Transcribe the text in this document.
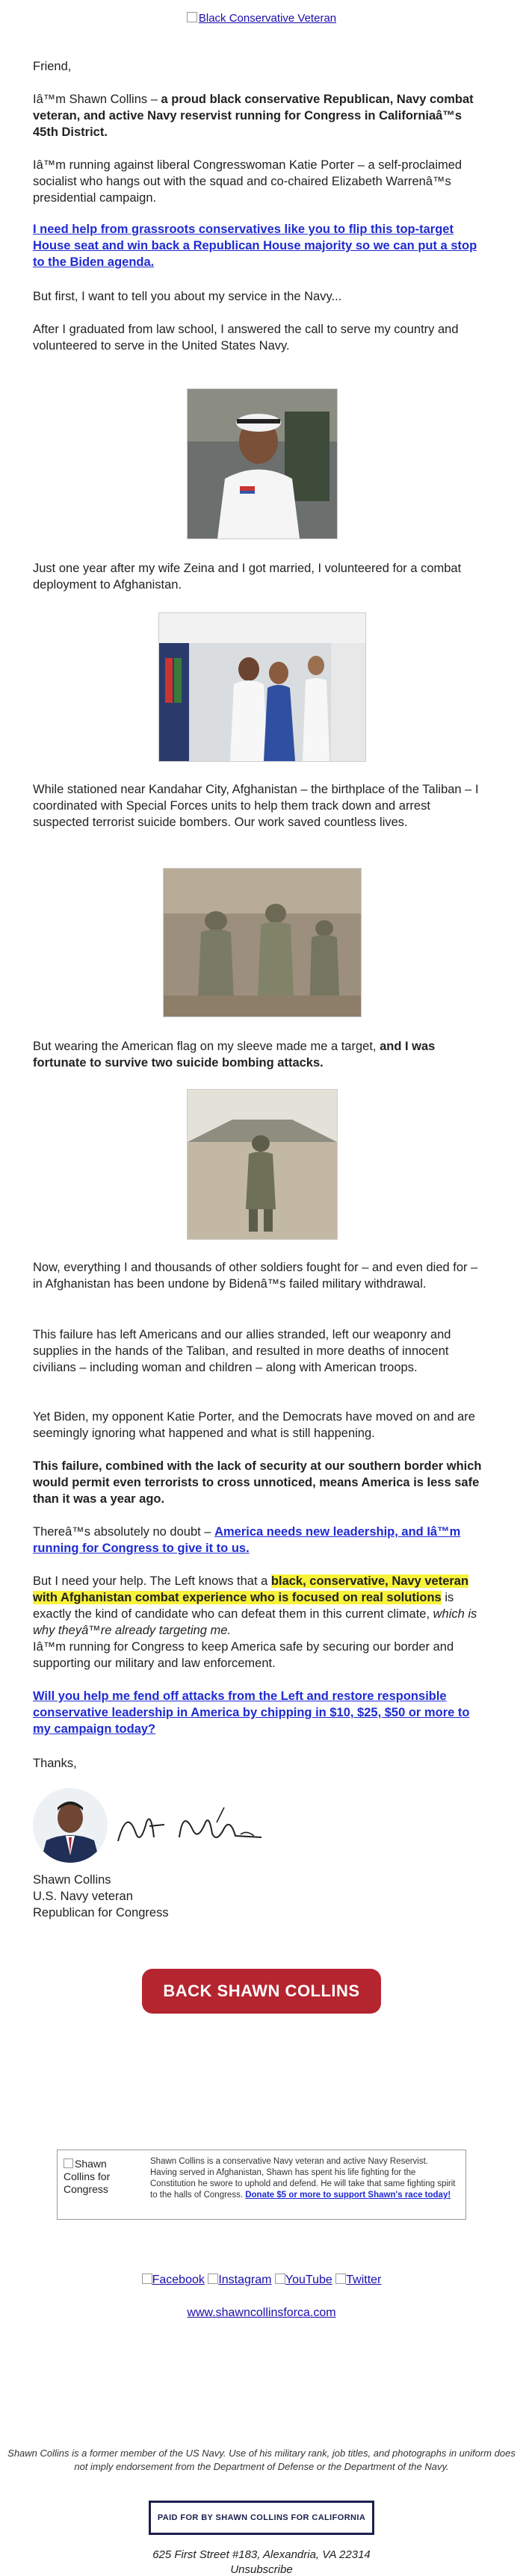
Black Conservative Veteran

Friend,

Iâ™m Shawn Collins – a proud black conservative Republican, Navy combat veteran, and active Navy reservist running for Congress in Californiaâ™s 45th District.

Iâ™m running against liberal Congresswoman Katie Porter – a self-proclaimed socialist who hangs out with the squad and co-chaired Elizabeth Warrenâ™s presidential campaign.

I need help from grassroots conservatives like you to flip this top-target House seat and win back a Republican House majority so we can put a stop to the Biden agenda.

But first, I want to tell you about my service in the Navy...

After I graduated from law school, I answered the call to serve my country and volunteered to serve in the United States Navy.

Just one year after my wife Zeina and I got married, I volunteered for a combat deployment to Afghanistan.

While stationed near Kandahar City, Afghanistan – the birthplace of the Taliban – I coordinated with Special Forces units to help them track down and arrest suspected terrorist suicide bombers. Our work saved countless lives.

But wearing the American flag on my sleeve made me a target, and I was fortunate to survive two suicide bombing attacks.

Now, everything I and thousands of other soldiers fought for – and even died for – in Afghanistan has been undone by Bidenâ™s failed military withdrawal.

This failure has left Americans and our allies stranded, left our weaponry and supplies in the hands of the Taliban, and resulted in more deaths of innocent civilians – including woman and children – along with American troops.

Yet Biden, my opponent Katie Porter, and the Democrats have moved on and are seemingly ignoring what happened and what is still happening.

This failure, combined with the lack of security at our southern border which would permit even terrorists to cross unnoticed, means America is less safe than it was a year ago.

Thereâ™s absolutely no doubt – America needs new leadership, and Iâ™m running for Congress to give it to us.

But I need your help. The Left knows that a black, conservative, Navy veteran with Afghanistan combat experience who is focused on real solutions is exactly the kind of candidate who can defeat them in this current climate, which is why theyâ™re already targeting me.

Iâ™m running for Congress to keep America safe by securing our border and supporting our military and law enforcement.

Will you help me fend off attacks from the Left and restore responsible conservative leadership in America by chipping in $10, $25, $50 or more to my campaign today?

Thanks,

Shawn Collins

U.S. Navy veteran

Republican for Congress

BACK SHAWN COLLINS
Shawn Collins for Congress
Shawn Collins is a conservative Navy veteran and active Navy Reservist. Having served in Afghanistan, Shawn has spent his life fighting for the Constitution he swore to uphold and defend. He will take that same fighting spirit to the halls of Congress. Donate $5 or more to support Shawn's race today!
Facebook Instagram YouTube Twitter
www.shawncollinsforca.com
Shawn Collins is a former member of the US Navy. Use of his military rank, job titles, and photographs in uniform does not imply endorsement from the Department of Defense or the Department of the Navy.
PAID FOR BY SHAWN COLLINS FOR CALIFORNIA
625 First Street #183, Alexandria, VA 22314
Unsubscribe
